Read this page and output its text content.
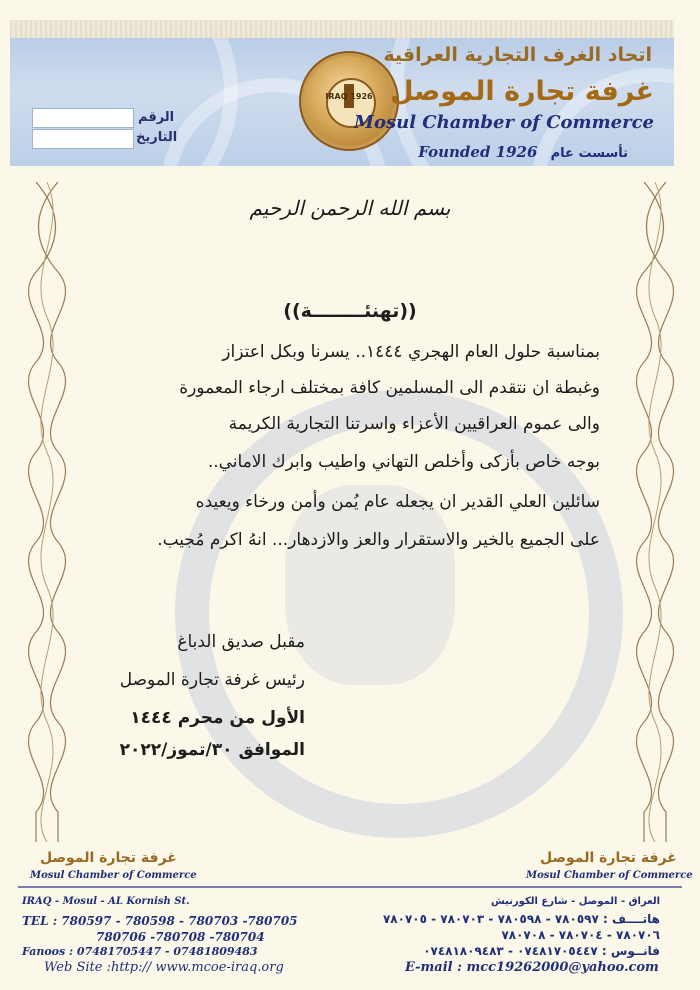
الرقم
التاريخ
IRAQ 1926
اتحاد الغرف التجارية العراقية
غرفة تجارة الموصل
Mosul Chamber of Commerce
Founded 1926 تأسست عام
بسم الله الرحمن الرحيم
((تهنئــــــــة))
بمناسبة حلول العام الهجري ١٤٤٤.. يسرنا وبكل اعتزاز
وغبطة ان نتقدم الى المسلمين كافة بمختلف ارجاء المعمورة
والى عموم العراقيين الأعزاء واسرتنا التجارية الكريمة
بوجه خاص بأزكى وأخلص التهاني واطيب وابرك الاماني..
سائلين العلي القدير ان يجعله عام يُمن وأمن ورخاء ويعيده
على الجميع بالخير والاستقرار والعز والازدهار... انهُ اكرم مُجيب.
مقبل صديق الدباغ
رئيس غرفة تجارة الموصل
الأول من محرم ١٤٤٤
الموافق ٣٠/تموز/٢٠٢٢
غرفة تجارة الموصل
Mosul Chamber of Commerce
غرفة تجارة الموصل
Mosul Chamber of Commerce
IRAQ - Mosul - AL Kornish St.
TEL : 780597 - 780598 - 780703 -780705
780706 -780708 -780704
Fanoos : 07481705447 - 07481809483
Web Site :http:// www.mcoe-iraq.org
العراق - الموصل - شارع الكورنيش
هاتــــف : ٧٨٠٥٩٧ - ٧٨٠٥٩٨ - ٧٨٠٧٠٣ - ٧٨٠٧٠٥
٧٨٠٧٠٦ - ٧٨٠٧٠٤ - ٧٨٠٧٠٨
فانــوس : ٠٧٤٨١٧٠٥٤٤٧ - ٠٧٤٨١٨٠٩٤٨٣
E-mail : mcc19262000@yahoo.com
